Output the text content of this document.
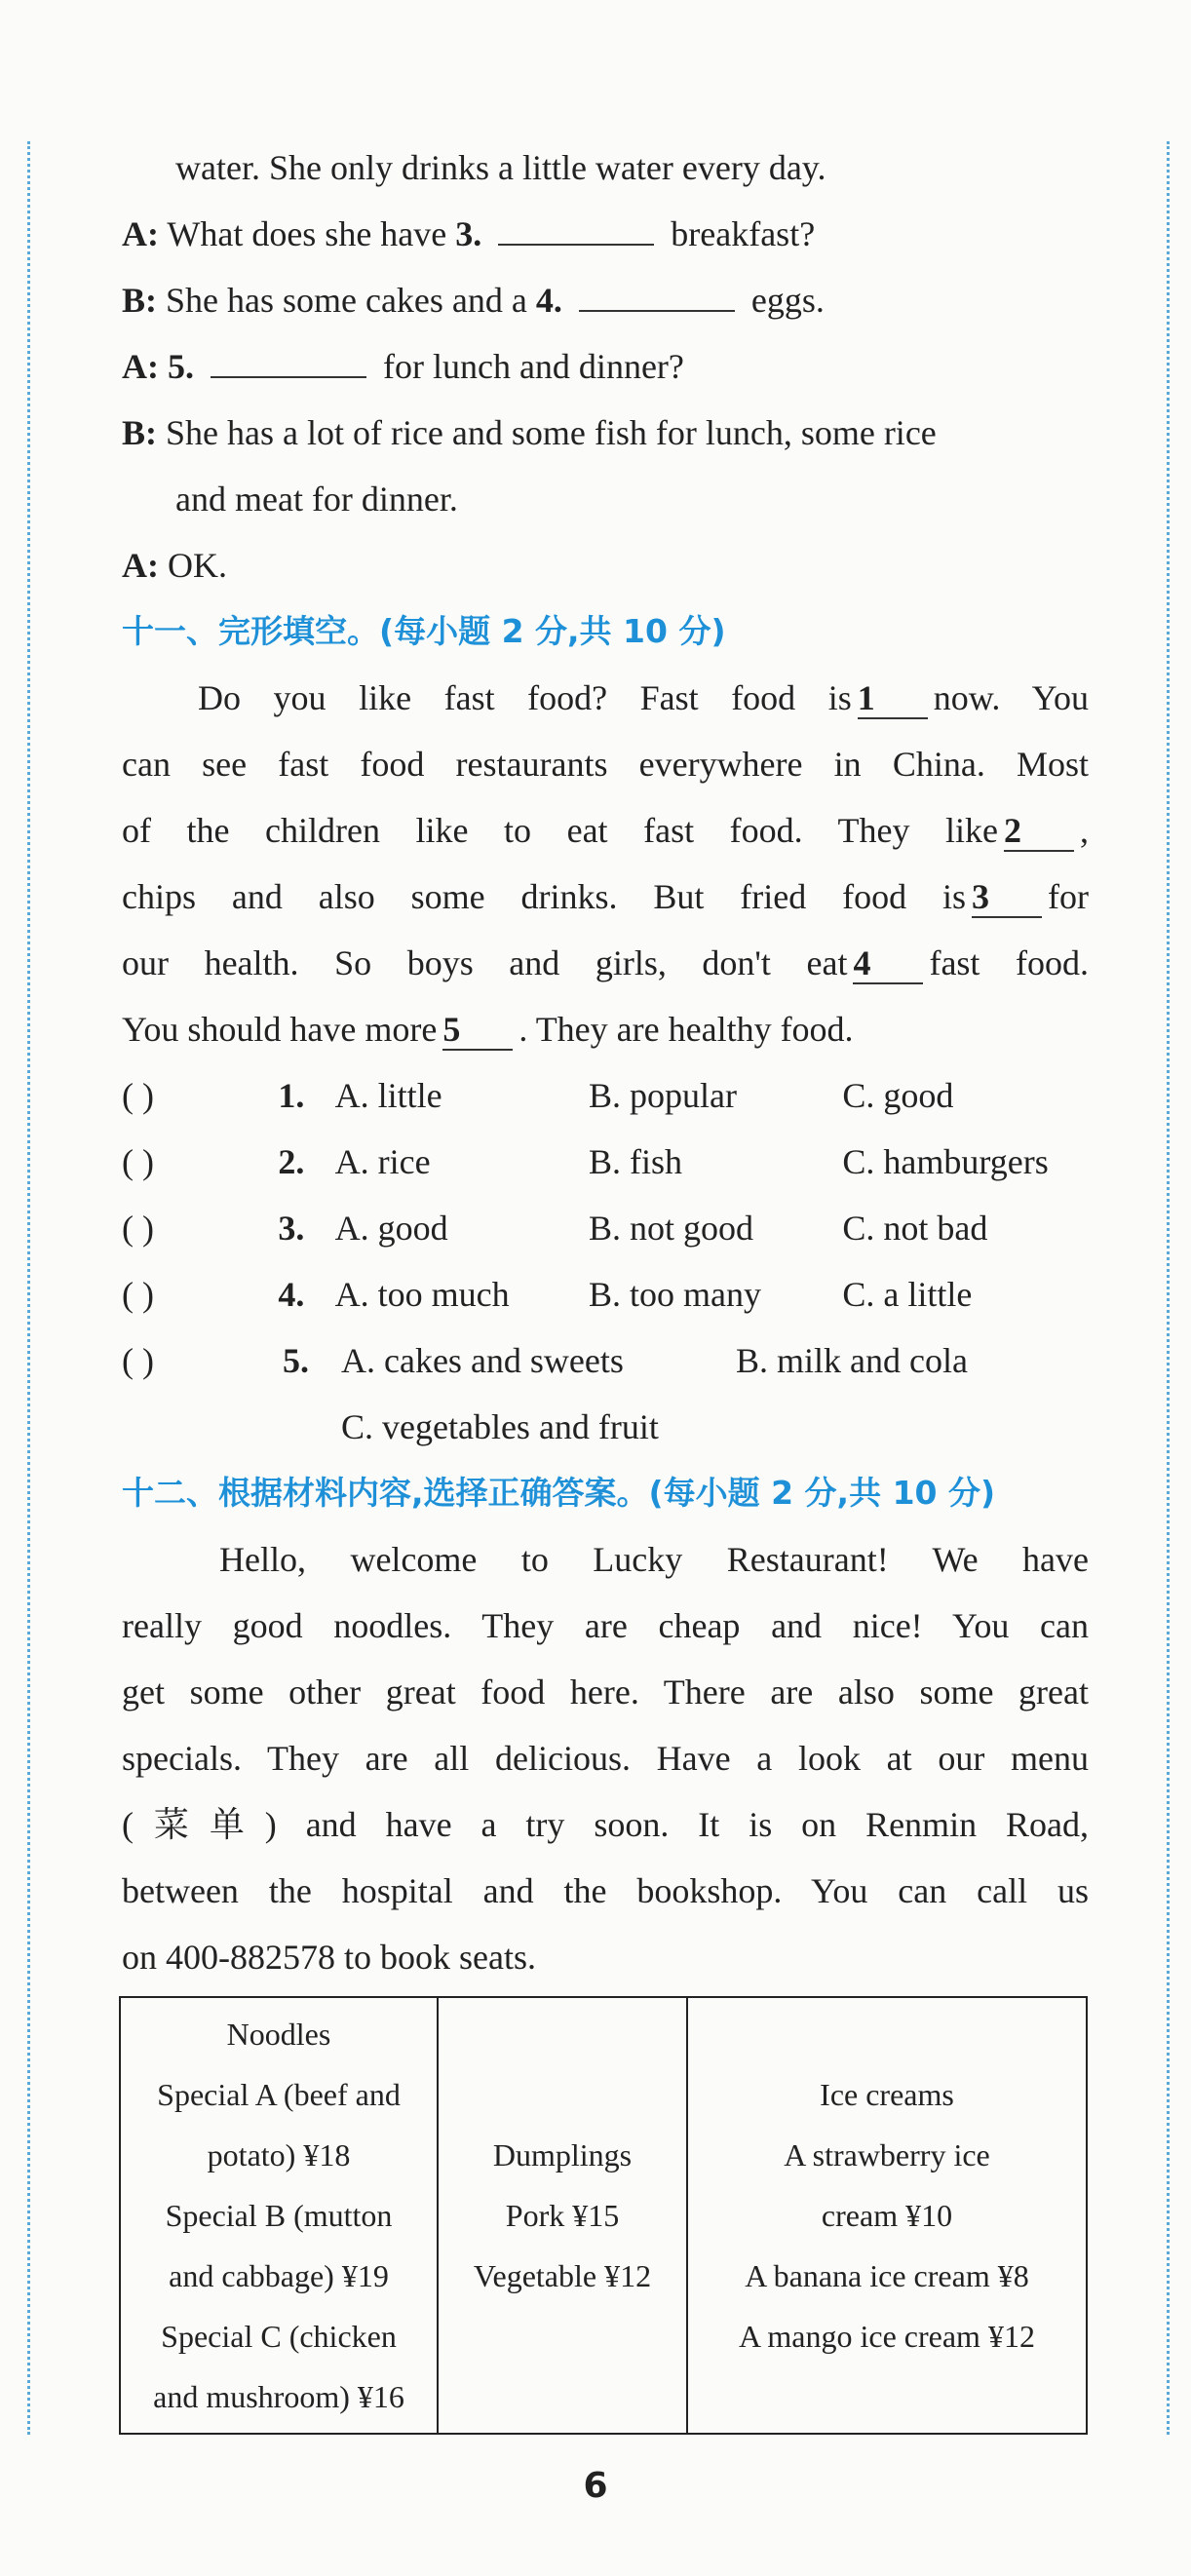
water. She only drinks a little water every day.
A: What does she have 3.	breakfast?
B: She has some cakes and a 4.	eggs.
A: 5.	for lunch and dinner?
B: She has a lot of rice and some fish for lunch, some rice
and meat for dinner.
A: OK.
十一、完形填空。(每小题 2 分,共 10 分)
Do you like fast food? Fast food is 1 now. You
can see fast food restaurants everywhere in China. Most
of the children like to eat fast food. They like 2 ,
chips and also some drinks. But fried food is 3 for
our health. So boys and girls, don't eat 4 fast food.
You should have more 5 . They are healthy food.
( )	1. A. little	B. popular	C. good
( )	2. A. rice	B. fish	C. hamburgers
( )	3. A. good	B. not good	C. not bad
( )	4. A. too much	B. too many	C. a little
( )	5. A. cakes and sweets	B. milk and cola
C. vegetables and fruit
十二、根据材料内容,选择正确答案。(每小题 2 分,共 10 分)
Hello, welcome to Lucky Restaurant! We have
really good noodles. They are cheap and nice! You can
get some other great food here. There are also some great
specials. They are all delicious. Have a look at our menu
(菜单) and have a try soon. It is on Renmin Road,
between the hospital and the bookshop. You can call us
on 400-882578 to book seats.
Noodles
Special A (beef and
potato) ¥18
Special B (mutton
and cabbage) ¥19
Special C (chicken
and mushroom) ¥16

Dumplings
Pork ¥15
Vegetable ¥12

Ice creams
A strawberry ice
cream ¥10
A banana ice cream ¥8
A mango ice cream ¥12
6
